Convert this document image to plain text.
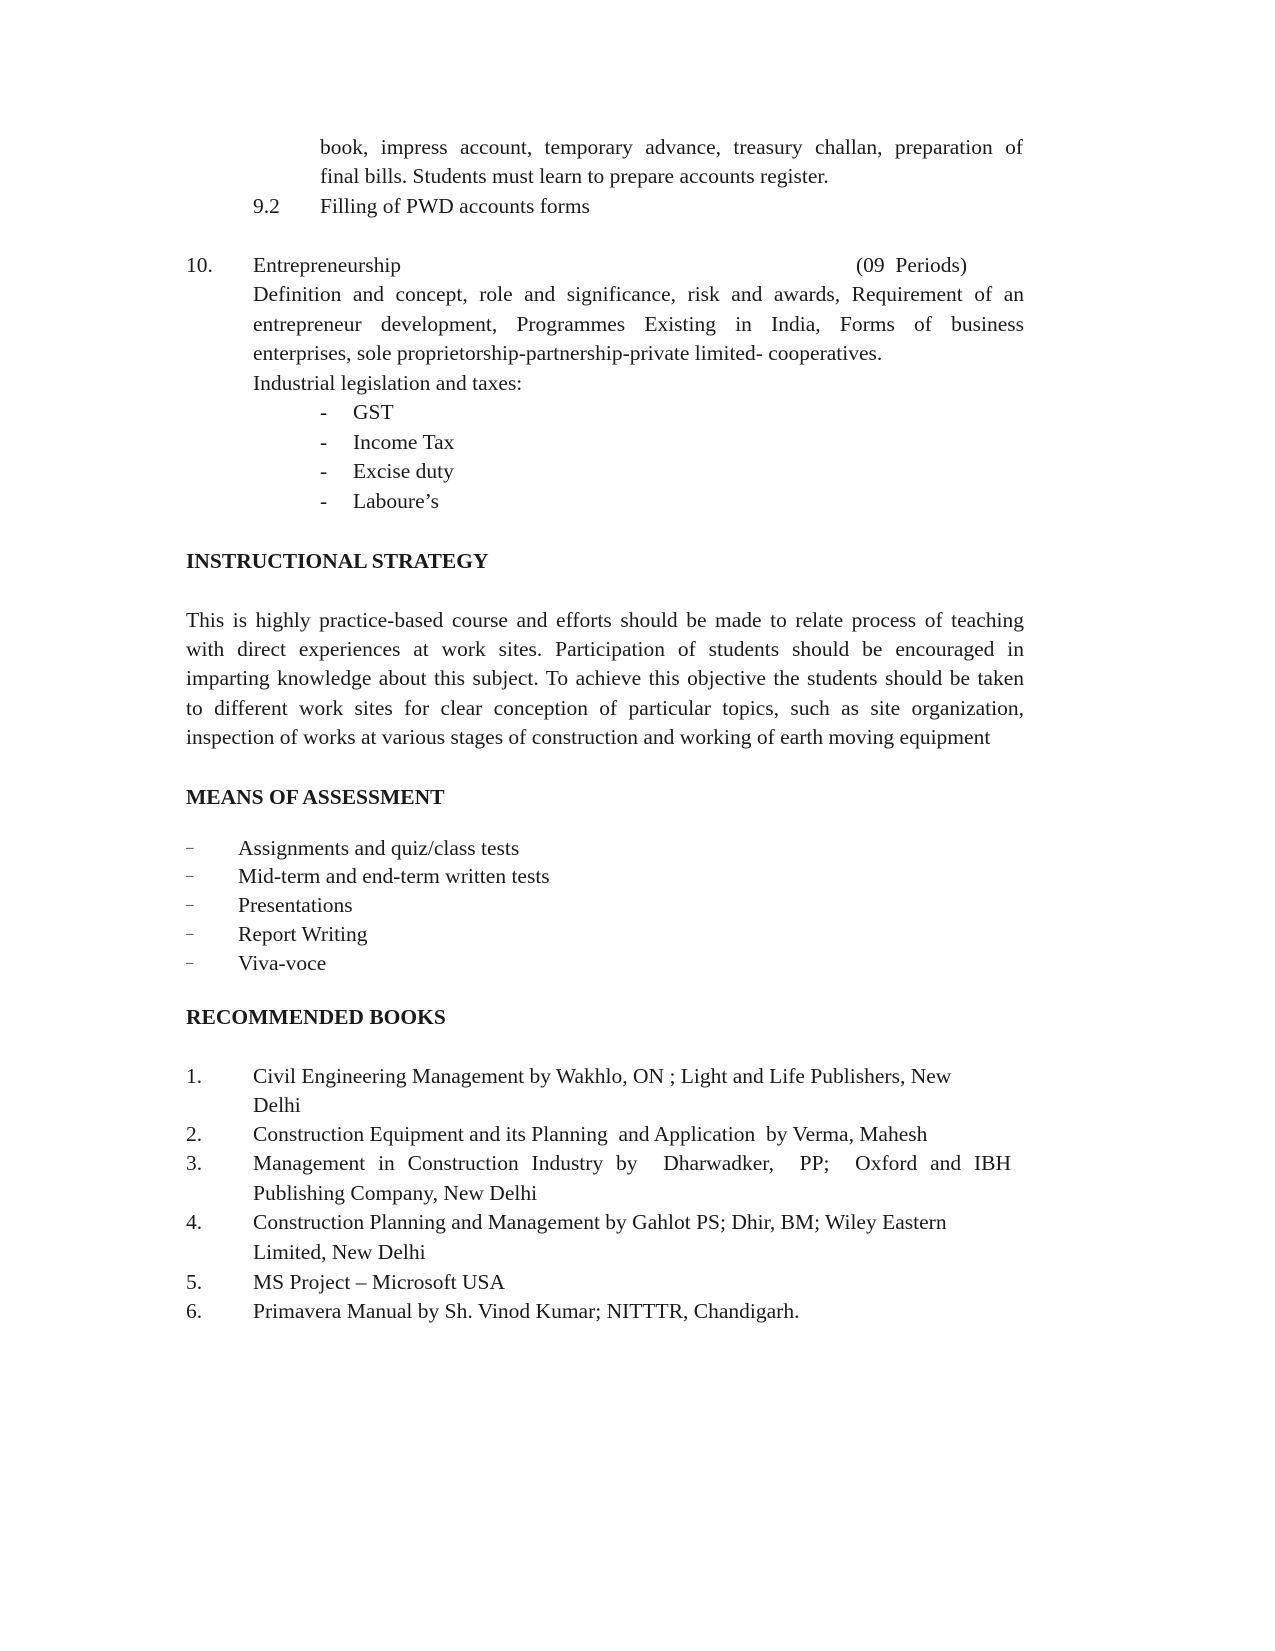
book, impress account, temporary advance, treasury challan, preparation of
final bills. Students must learn to prepare accounts register.
9.2 Filling of PWD accounts forms
10. Entrepreneurship	(09  Periods)
Definition and concept, role and significance, risk and awards, Requirement of an
entrepreneur development, Programmes Existing in India, Forms of business
enterprises, sole proprietorship-partnership-private limited- cooperatives.
Industrial legislation and taxes:
- GST
- Income Tax
- Excise duty
- Laboure’s
INSTRUCTIONAL STRATEGY
This is highly practice-based course and efforts should be made to relate process of teaching
with direct experiences at work sites. Participation of students should be encouraged in
imparting knowledge about this subject. To achieve this objective the students should be taken
to different work sites for clear conception of particular topics, such as site organization,
inspection of works at various stages of construction and working of earth moving equipment
MEANS OF ASSESSMENT
– Assignments and quiz/class tests
– Mid-term and end-term written tests
– Presentations
– Report Writing
– Viva-voce
RECOMMENDED BOOKS
1. Civil Engineering Management by Wakhlo, ON ; Light and Life Publishers, New
Delhi
2. Construction Equipment and its Planning  and Application  by Verma, Mahesh
3. Management in Construction Industry by  Dharwadker,  PP;  Oxford and IBH
Publishing Company, New Delhi
4. Construction Planning and Management by Gahlot PS; Dhir, BM; Wiley Eastern
Limited, New Delhi
5. MS Project – Microsoft USA
6. Primavera Manual by Sh. Vinod Kumar; NITTTR, Chandigarh.
